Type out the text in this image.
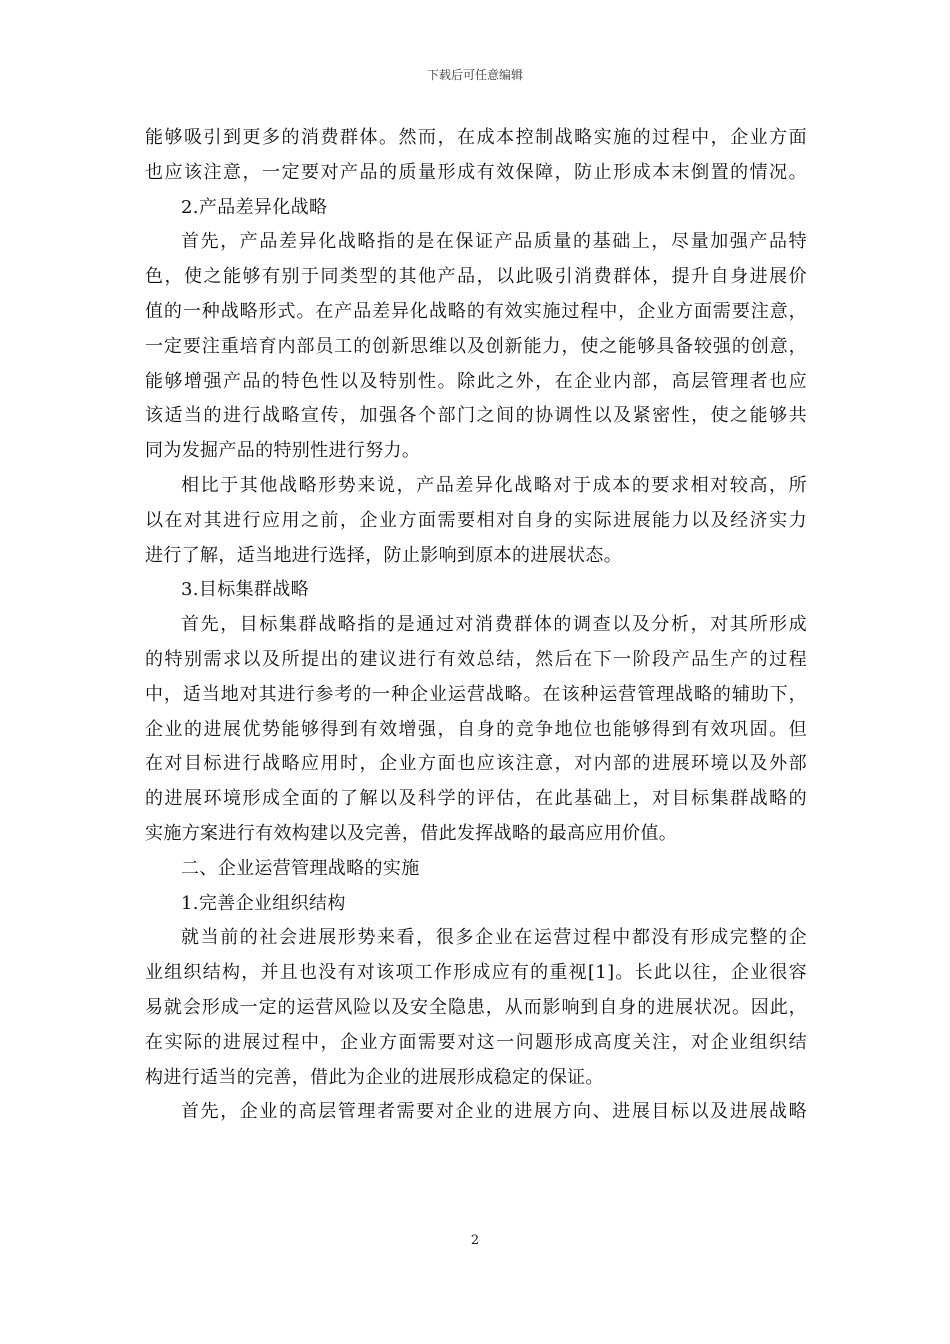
下载后可任意编辑
能够吸引到更多的消费群体。然而，在成本控制战略实施的过程中，企业方面
也应该注意，一定要对产品的质量形成有效保障，防止形成本末倒置的情况。
2.产品差异化战略
首先，产品差异化战略指的是在保证产品质量的基础上，尽量加强产品特
色，使之能够有别于同类型的其他产品，以此吸引消费群体，提升自身进展价
值的一种战略形式。在产品差异化战略的有效实施过程中，企业方面需要注意，
一定要注重培育内部员工的创新思维以及创新能力，使之能够具备较强的创意，
能够增强产品的特色性以及特别性。除此之外，在企业内部，高层管理者也应
该适当的进行战略宣传，加强各个部门之间的协调性以及紧密性，使之能够共
同为发掘产品的特别性进行努力。
相比于其他战略形势来说，产品差异化战略对于成本的要求相对较高，所
以在对其进行应用之前，企业方面需要相对自身的实际进展能力以及经济实力
进行了解，适当地进行选择，防止影响到原本的进展状态。
3.目标集群战略
首先，目标集群战略指的是通过对消费群体的调查以及分析，对其所形成
的特别需求以及所提出的建议进行有效总结，然后在下一阶段产品生产的过程
中，适当地对其进行参考的一种企业运营战略。在该种运营管理战略的辅助下，
企业的进展优势能够得到有效增强，自身的竞争地位也能够得到有效巩固。但
在对目标进行战略应用时，企业方面也应该注意，对内部的进展环境以及外部
的进展环境形成全面的了解以及科学的评估，在此基础上，对目标集群战略的
实施方案进行有效构建以及完善，借此发挥战略的最高应用价值。
二、企业运营管理战略的实施
1.完善企业组织结构
就当前的社会进展形势来看，很多企业在运营过程中都没有形成完整的企
业组织结构，并且也没有对该项工作形成应有的重视[1]。长此以往，企业很容
易就会形成一定的运营风险以及安全隐患，从而影响到自身的进展状况。因此，
在实际的进展过程中，企业方面需要对这一问题形成高度关注，对企业组织结
构进行适当的完善，借此为企业的进展形成稳定的保证。
首先，企业的高层管理者需要对企业的进展方向、进展目标以及进展战略
2
